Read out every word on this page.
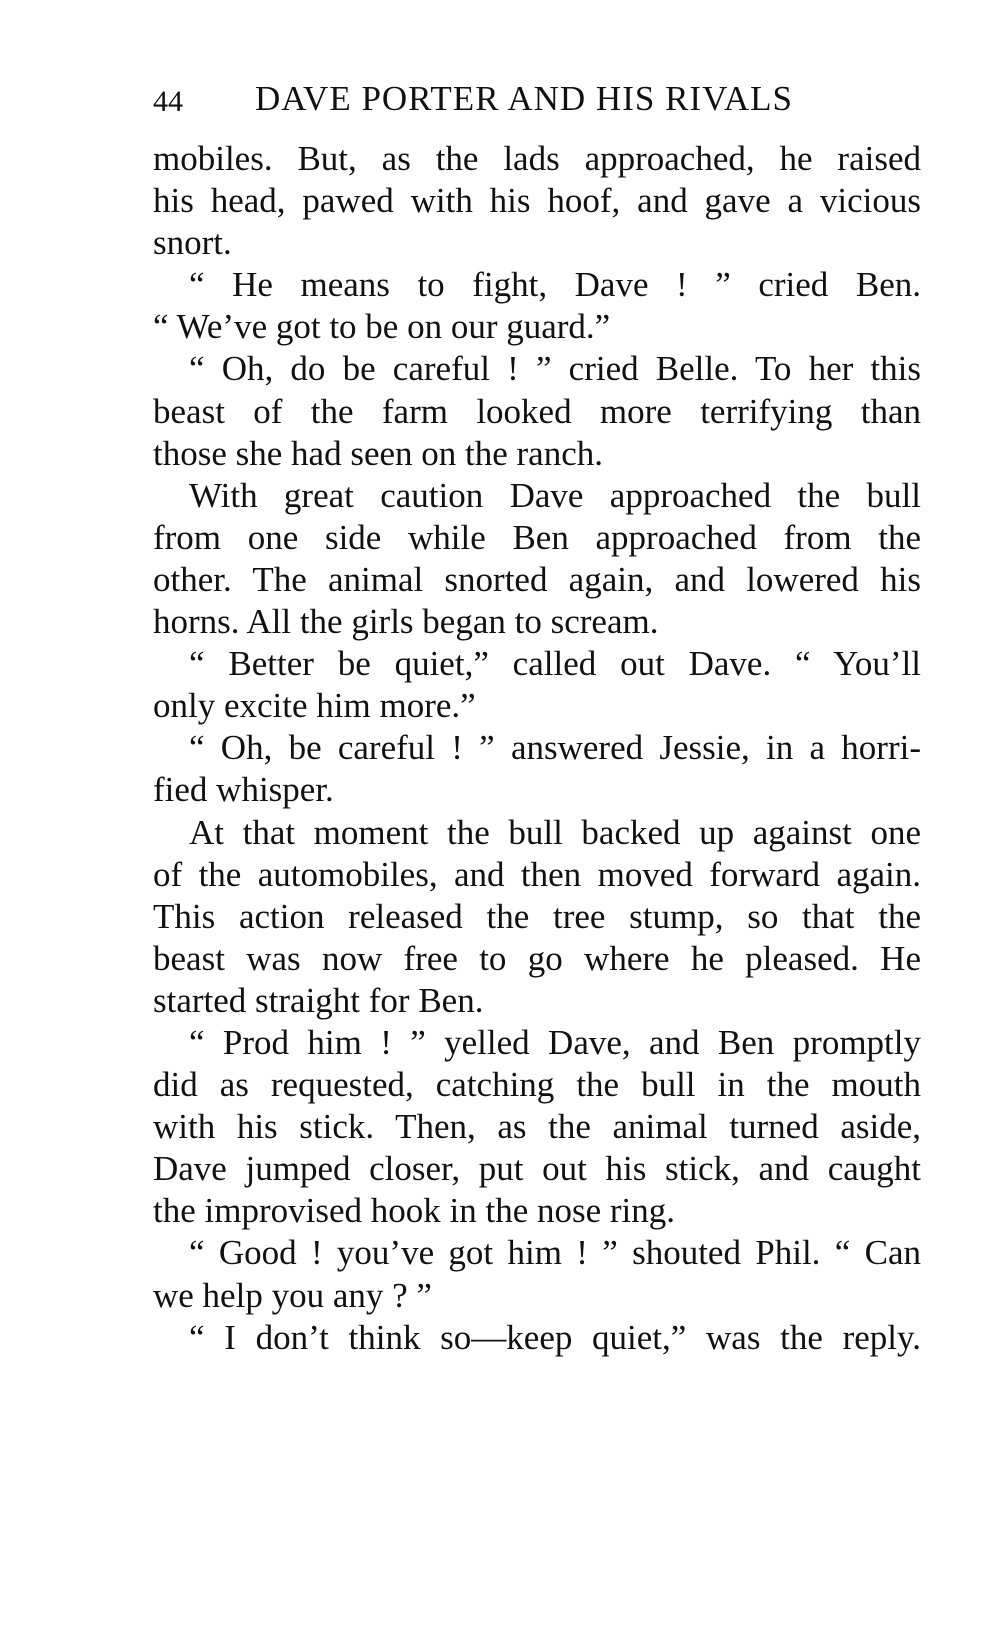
44 DAVE PORTER AND HIS RIVALS
mobiles. But, as the lads approached, he raised
his head, pawed with his hoof, and gave a vicious
snort.
“ He means to fight, Dave ! ” cried Ben.
“ We’ve got to be on our guard.”
“ Oh, do be careful ! ” cried Belle. To her this
beast of the farm looked more terrifying than
those she had seen on the ranch.
With great caution Dave approached the bull
from one side while Ben approached from the
other. The animal snorted again, and lowered his
horns. All the girls began to scream.
“ Better be quiet,” called out Dave. “ You’ll
only excite him more.”
“ Oh, be careful ! ” answered Jessie, in a horri-
fied whisper.
At that moment the bull backed up against one
of the automobiles, and then moved forward again.
This action released the tree stump, so that the
beast was now free to go where he pleased. He
started straight for Ben.
“ Prod him ! ” yelled Dave, and Ben promptly
did as requested, catching the bull in the mouth
with his stick. Then, as the animal turned aside,
Dave jumped closer, put out his stick, and caught
the improvised hook in the nose ring.
“ Good ! you’ve got him ! ” shouted Phil. “ Can
we help you any ? ”
“ I don’t think so—keep quiet,” was the reply.
